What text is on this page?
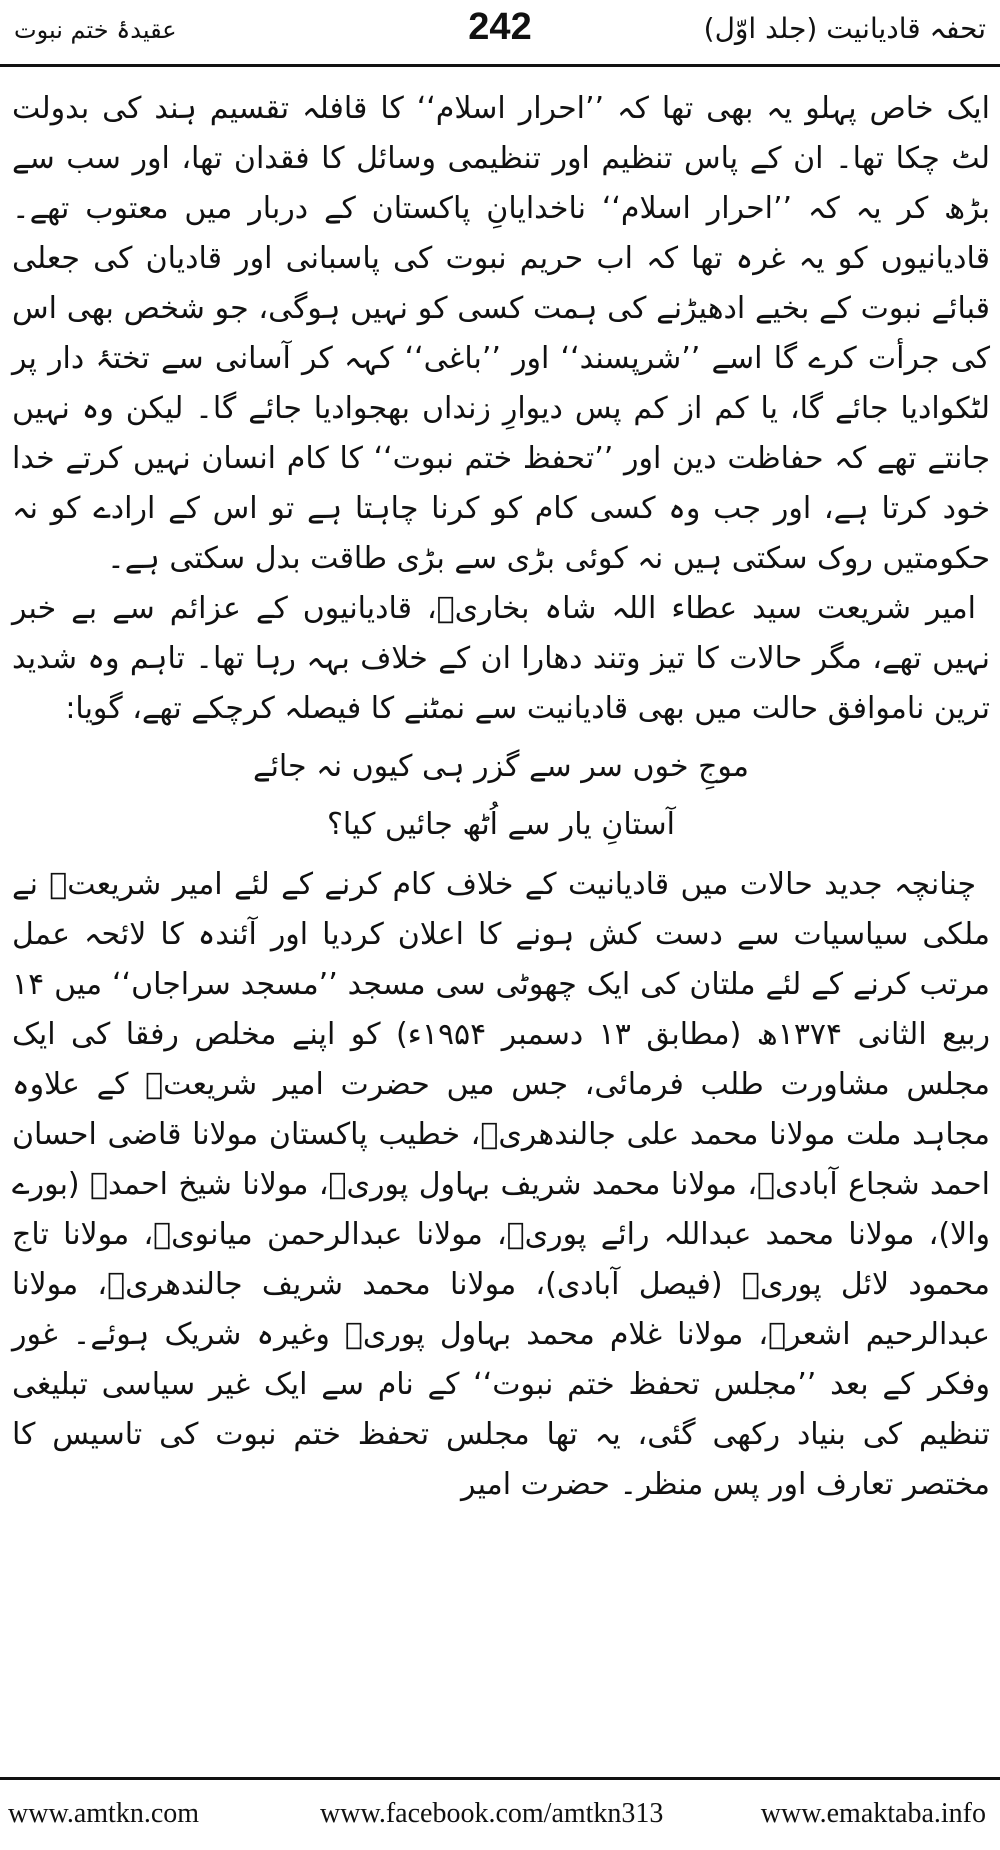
تحفہ قادیانیت (جلد اوّل)
242
عقیدۂ ختم نبوت

ایک خاص پہلو یہ بھی تھا کہ ’’احرار اسلام‘‘ کا قافلہ تقسیم ہند کی بدولت لٹ چکا تھا۔ ان کے پاس تنظیم اور تنظیمی وسائل کا فقدان تھا، اور سب سے بڑھ کر یہ کہ ’’احرار اسلام‘‘ ناخدایانِ پاکستان کے دربار میں معتوب تھے۔ قادیانیوں کو یہ غرہ تھا کہ اب حریم نبوت کی پاسبانی اور قادیان کی جعلی قبائے نبوت کے بخیے ادھیڑنے کی ہمت کسی کو نہیں ہوگی، جو شخص بھی اس کی جرأت کرے گا اسے ’’شرپسند‘‘ اور ’’باغی‘‘ کہہ کر آسانی سے تختۂ دار پر لٹکوادیا جائے گا، یا کم از کم پس دیوارِ زنداں بھجوادیا جائے گا۔ لیکن وہ نہیں جانتے تھے کہ حفاظت دین اور ’’تحفظ ختم نبوت‘‘ کا کام انسان نہیں کرتے خدا خود کرتا ہے، اور جب وہ کسی کام کو کرنا چاہتا ہے تو اس کے ارادے کو نہ حکومتیں روک سکتی ہیں نہ کوئی بڑی سے بڑی طاقت بدل سکتی ہے۔

امیر شریعت سید عطاء اللہ شاہ بخاریؒ، قادیانیوں کے عزائم سے بے خبر نہیں تھے، مگر حالات کا تیز وتند دھارا ان کے خلاف بہہ رہا تھا۔ تاہم وہ شدید ترین ناموافق حالت میں بھی قادیانیت سے نمٹنے کا فیصلہ کرچکے تھے، گویا:

موجِ خوں سر سے گزر ہی کیوں نہ جائے
آستانِ یار سے اُٹھ جائیں کیا؟

چنانچہ جدید حالات میں قادیانیت کے خلاف کام کرنے کے لئے امیر شریعتؒ نے ملکی سیاسیات سے دست کش ہونے کا اعلان کردیا اور آئندہ کا لائحہ عمل مرتب کرنے کے لئے ملتان کی ایک چھوٹی سی مسجد ’’مسجد سراجاں‘‘ میں ۱۴ ربیع الثانی ۱۳۷۴ھ (مطابق ۱۳ دسمبر ۱۹۵۴ء) کو اپنے مخلص رفقا کی ایک مجلس مشاورت طلب فرمائی، جس میں حضرت امیر شریعتؒ کے علاوہ مجاہد ملت مولانا محمد علی جالندھریؒ، خطیب پاکستان مولانا قاضی احسان احمد شجاع آبادیؒ، مولانا محمد شریف بہاول پوریؒ، مولانا شیخ احمدؒ (بورے والا)، مولانا محمد عبداللہ رائے پوریؒ، مولانا عبدالرحمن میانویؒ، مولانا تاج محمود لائل پوریؒ (فیصل آبادی)، مولانا محمد شریف جالندھریؒ، مولانا عبدالرحیم اشعرؒ، مولانا غلام محمد بہاول پوریؒ وغیرہ شریک ہوئے۔ غور وفکر کے بعد ’’مجلس تحفظ ختم نبوت‘‘ کے نام سے ایک غیر سیاسی تبلیغی تنظیم کی بنیاد رکھی گئی، یہ تھا مجلس تحفظ ختم نبوت کی تاسیس کا مختصر تعارف اور پس منظر۔ حضرت امیر

www.amtkn.com	www.facebook.com/amtkn313	www.emaktaba.info
